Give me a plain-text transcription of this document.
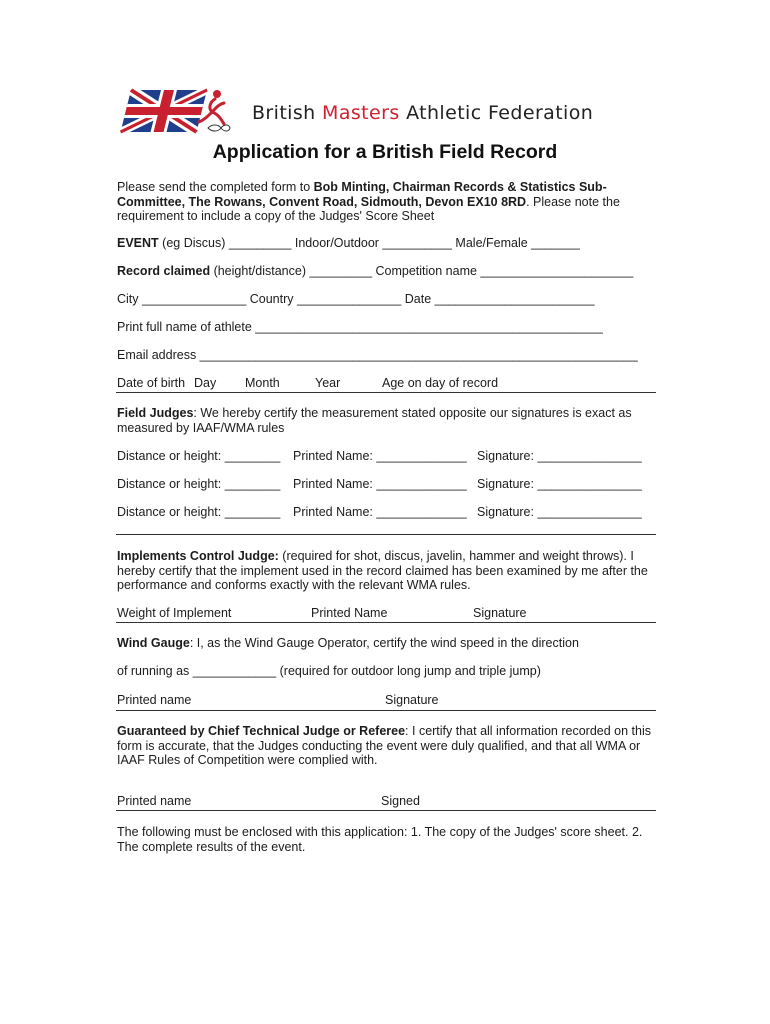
British Masters Athletic Federation
Application for a British Field Record
Please send the completed form to Bob Minting, Chairman Records & Statistics Sub-Committee, The Rowans, Convent Road, Sidmouth, Devon EX10 8RD. Please note the requirement to include a copy of the Judges' Score Sheet
EVENT (eg Discus) _________ Indoor/Outdoor __________ Male/Female _______
Record claimed (height/distance) _________ Competition name ______________________
City _______________ Country _______________ Date _______________________
Print full name of athlete __________________________________________________
Email address _______________________________________________________________
Date of birth Day Month	Year	Age on day of record
Field Judges: We hereby certify the measurement stated opposite our signatures is exact as measured by IAAF/WMA rules
Distance or height: ________ Printed Name: _____________ Signature: _______________
Distance or height: ________ Printed Name: _____________ Signature: _______________
Distance or height: ________ Printed Name: _____________ Signature: _______________
Implements Control Judge: (required for shot, discus, javelin, hammer and weight throws). I hereby certify that the implement used in the record claimed has been examined by me after the performance and conforms exactly with the relevant WMA rules.
Weight of Implement	Printed Name	Signature
Wind Gauge: I, as the Wind Gauge Operator, certify the wind speed in the direction
of running as ____________ (required for outdoor long jump and triple jump)
Printed name	Signature
Guaranteed by Chief Technical Judge or Referee: I certify that all information recorded on this form is accurate, that the Judges conducting the event were duly qualified, and that all WMA or IAAF Rules of Competition were complied with.
Printed name	Signed
The following must be enclosed with this application: 1. The copy of the Judges' score sheet. 2. The complete results of the event.
